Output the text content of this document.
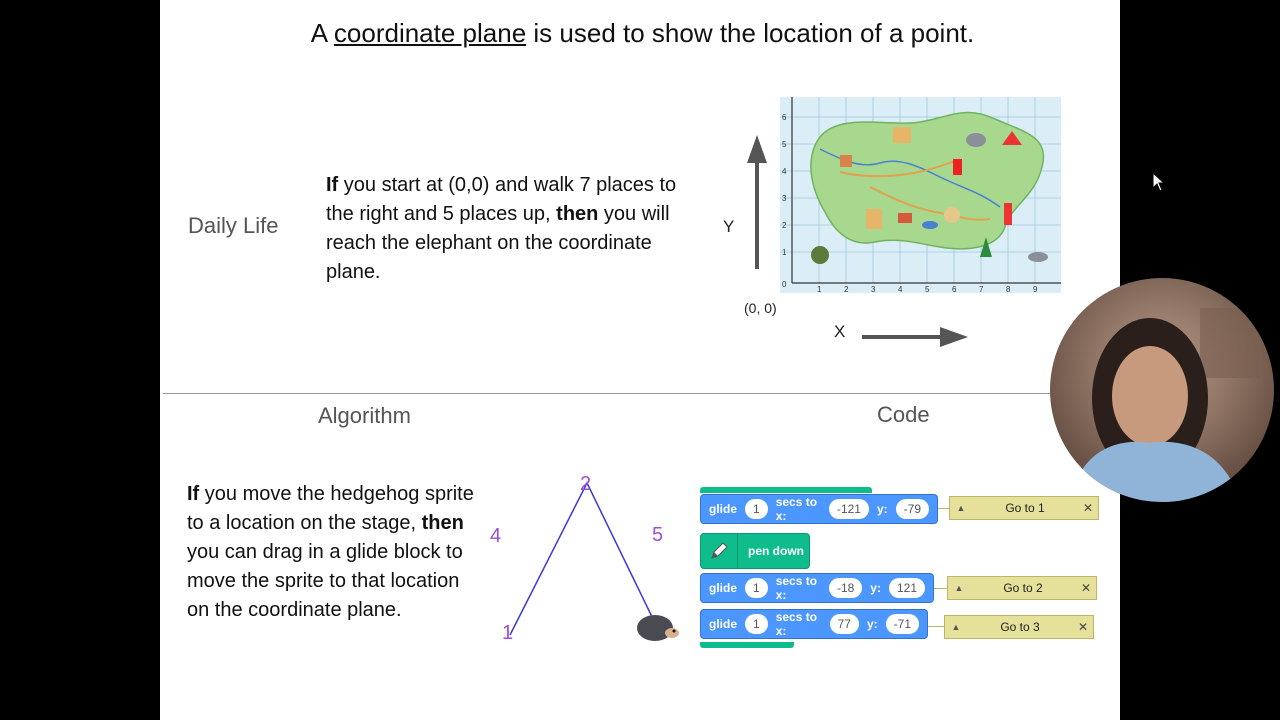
A coordinate plane is used to show the location of a point.
Daily Life
If you start at (0,0) and walk 7 places to the right and 5 places up, then you will reach the elephant on the coordinate plane.
Y
(0, 0)
X
0
1	2	3	4	5	6	7	8	9
1
2
3
4
5
6
Algorithm	Code
If you move the hedgehog sprite to a location on the stage, then you can drag in a glide block to move the sprite to that location on the coordinate plane.
1
2
4	5
glide	1	secs to x:	-121	y:	-79	▲	Go to 1	✕
pen down
glide	1	secs to x:	-18	y:	121	▲	Go to 2	✕
glide	1	secs to x:	77	y:	-71	▲	Go to 3	✕
